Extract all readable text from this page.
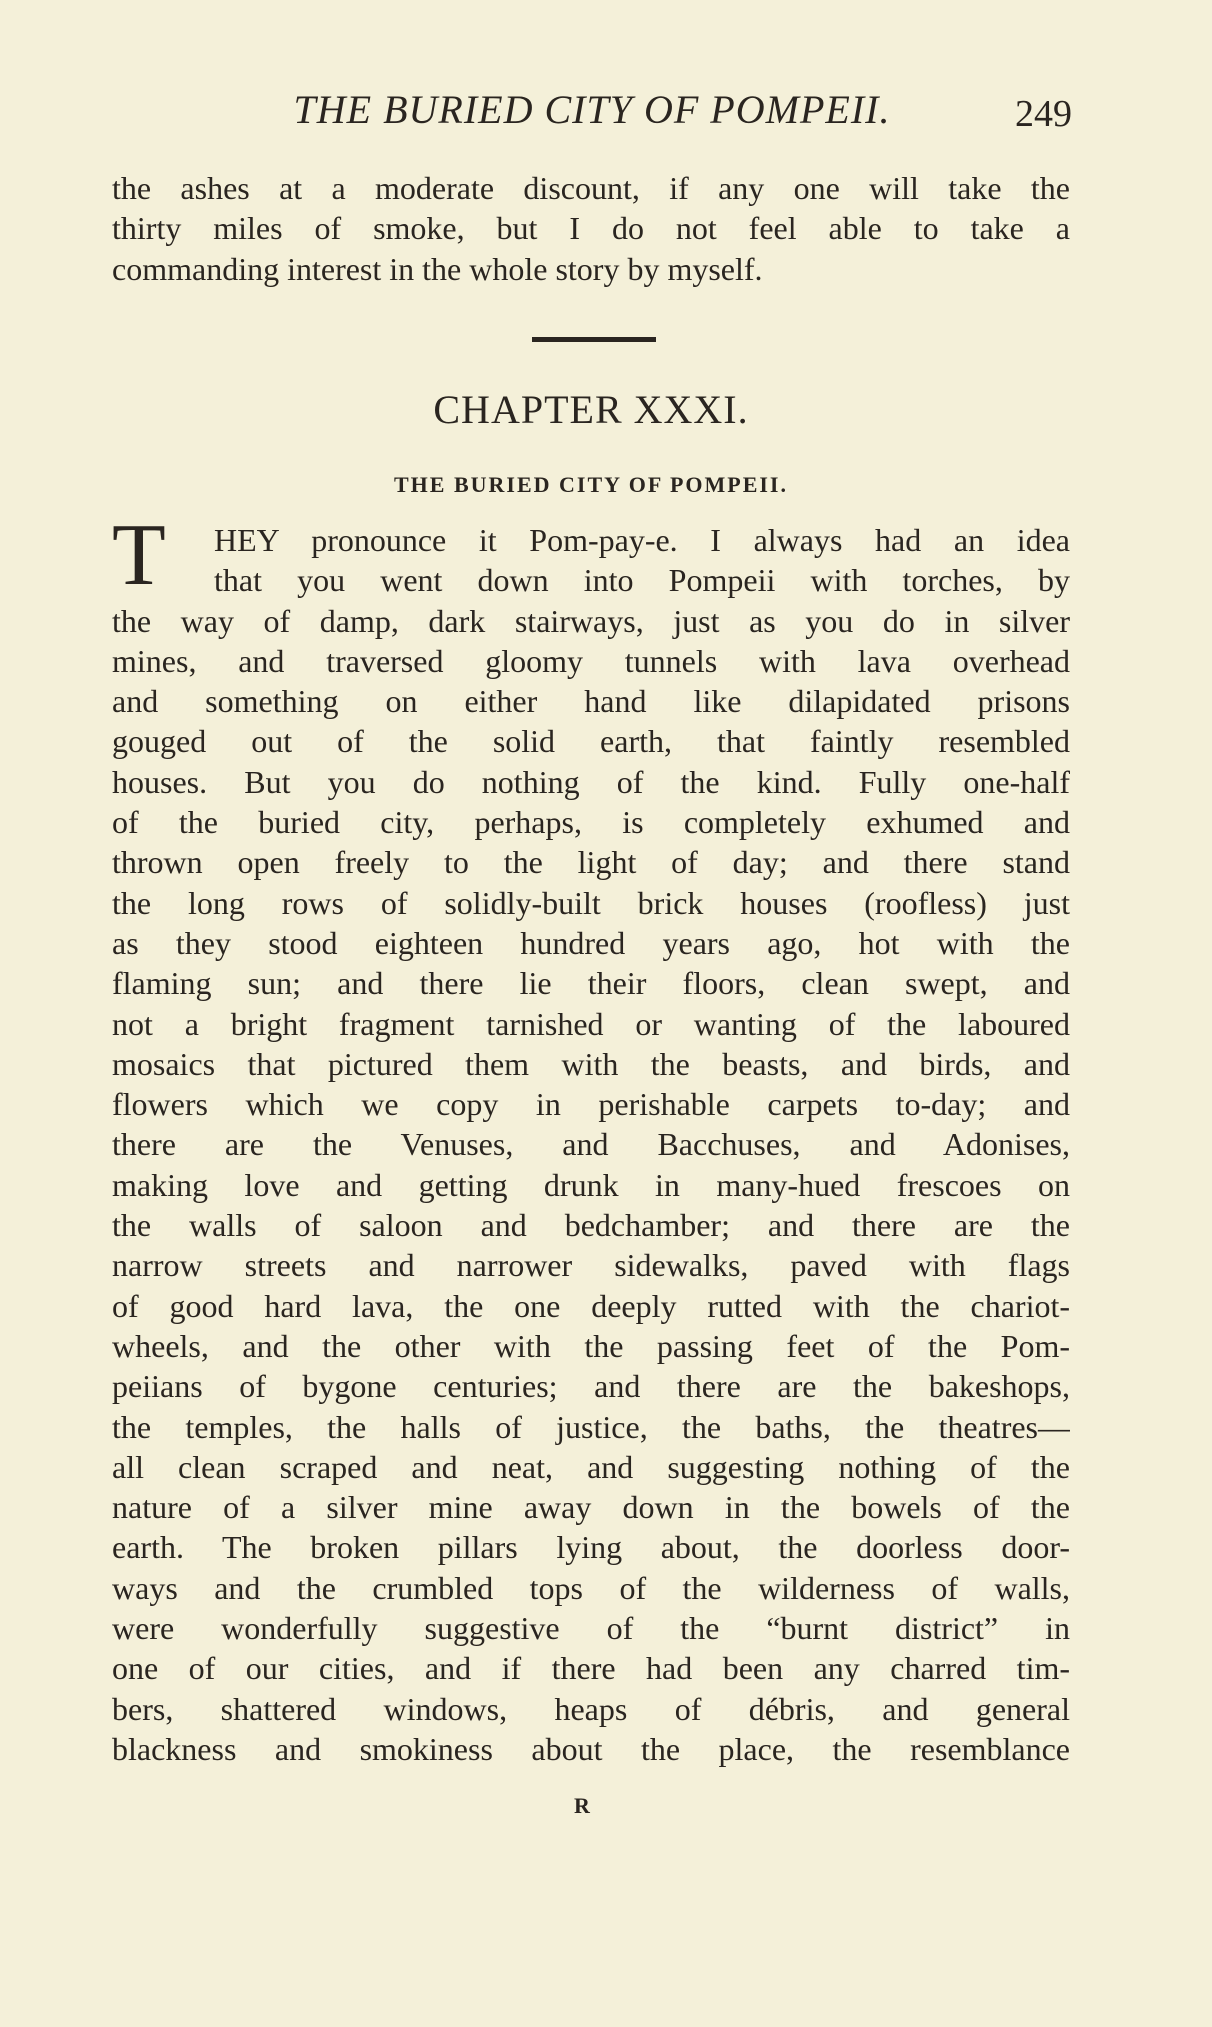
THE BURIED CITY OF POMPEII.	249
the ashes at a moderate discount, if any one will take the
thirty miles of smoke, but I do not feel able to take a
commanding interest in the whole story by myself.
CHAPTER XXXI.
THE BURIED CITY OF POMPEII.
T	HEY pronounce it Pom-pay-e. I always had an idea
that you went down into Pompeii with torches, by
the way of damp, dark stairways, just as you do in silver
mines, and traversed gloomy tunnels with lava overhead
and something on either hand like dilapidated prisons
gouged out of the solid earth, that faintly resembled
houses. But you do nothing of the kind. Fully one-half
of the buried city, perhaps, is completely exhumed and
thrown open freely to the light of day; and there stand
the long rows of solidly-built brick houses (roofless) just
as they stood eighteen hundred years ago, hot with the
flaming sun; and there lie their floors, clean swept, and
not a bright fragment tarnished or wanting of the laboured
mosaics that pictured them with the beasts, and birds, and
flowers which we copy in perishable carpets to-day; and
there are the Venuses, and Bacchuses, and Adonises,
making love and getting drunk in many-hued frescoes on
the walls of saloon and bedchamber; and there are the
narrow streets and narrower sidewalks, paved with flags
of good hard lava, the one deeply rutted with the chariot-
wheels, and the other with the passing feet of the Pom-
peiians of bygone centuries; and there are the bakeshops,
the temples, the halls of justice, the baths, the theatres—
all clean scraped and neat, and suggesting nothing of the
nature of a silver mine away down in the bowels of the
earth. The broken pillars lying about, the doorless door-
ways and the crumbled tops of the wilderness of walls,
were wonderfully suggestive of the “burnt district” in
one of our cities, and if there had been any charred tim-
bers, shattered windows, heaps of débris, and general
blackness and smokiness about the place, the resemblance
R
